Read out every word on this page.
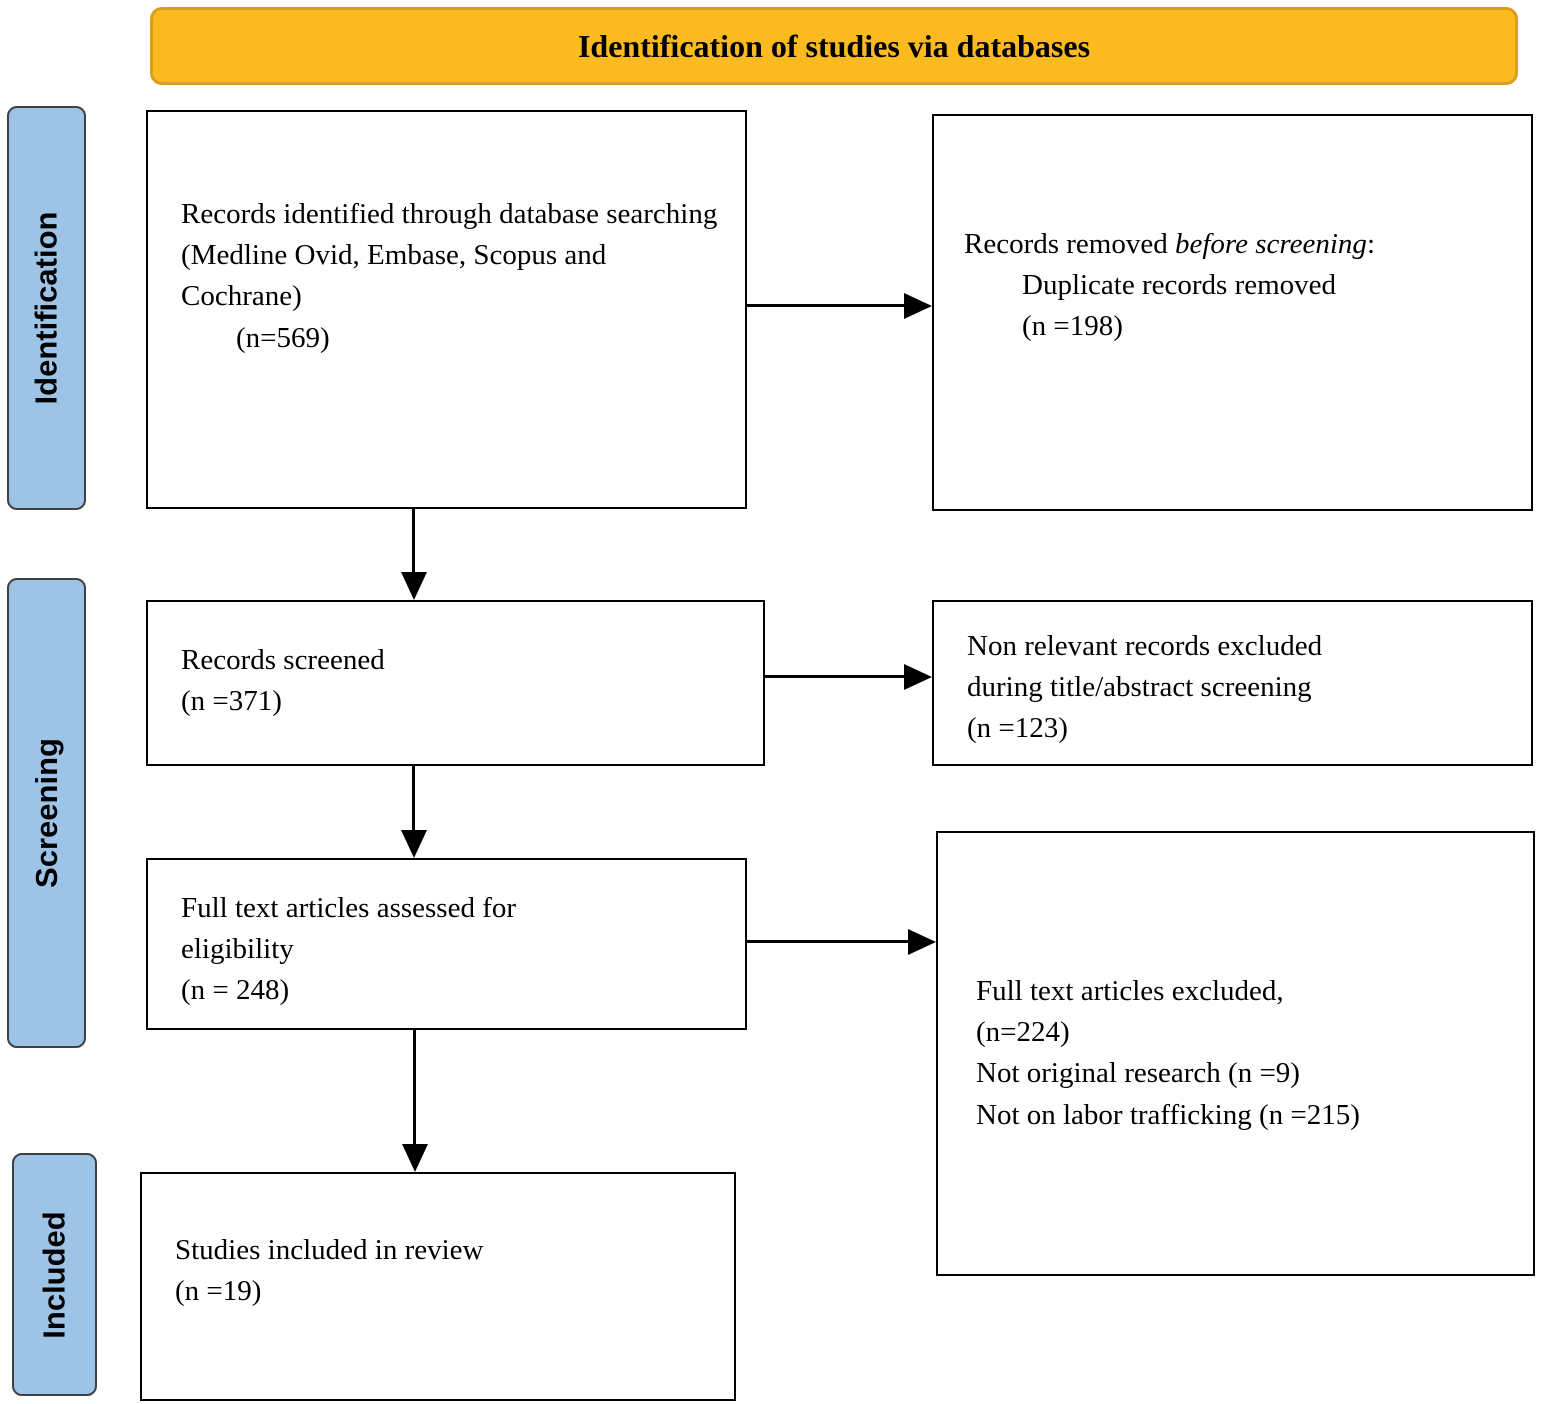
Identification of studies via databases
Identification
Screening
Included
Records identified through database searching
(Medline Ovid, Embase, Scopus and Cochrane)
(n=569)
Records removed before screening:
Duplicate records removed
(n =198)
Records screened
(n =371)
Non relevant records excluded
during title/abstract screening
(n =123)
Full text articles assessed for
eligibility
(n = 248)	Full text articles excluded,
(n=224)
Not original research (n =9)
Not on labor trafficking (n =215)
Studies included in review
(n =19)
